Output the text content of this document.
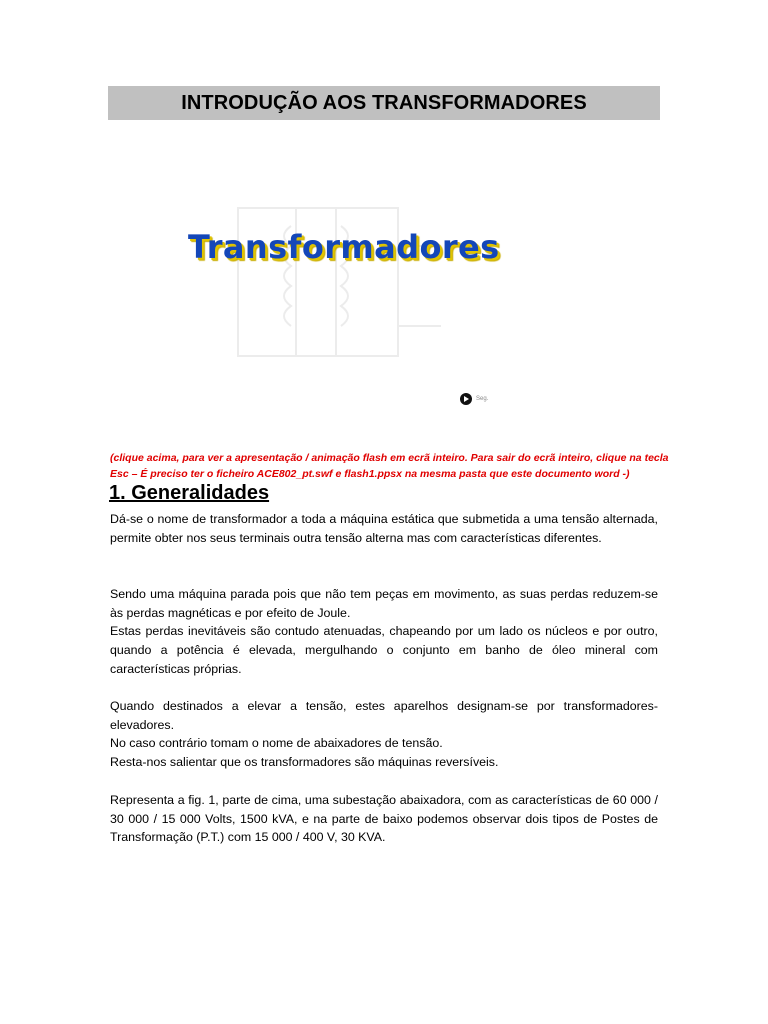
INTRODUÇÃO AOS TRANSFORMADORES
Transformadores
Seg.

(clique acima, para ver a apresentação / animação flash em ecrã inteiro. Para sair do ecrã inteiro, clique na tecla

Esc – É preciso ter o ficheiro ACE802_pt.swf e flash1.ppsx na mesma pasta que este documento word -)

1. Generalidades

Dá-se o nome de transformador a toda a máquina estática que submetida a uma tensão alternada, permite obter nos seus terminais outra tensão alterna mas com características diferentes.

Sendo uma máquina parada pois que não tem peças em movimento, as suas perdas reduzem-se às perdas magnéticas e por efeito de Joule.

Estas perdas inevitáveis são contudo atenuadas, chapeando por um lado os núcleos e por outro, quando a potência é elevada, mergulhando o conjunto em banho de óleo mineral com características próprias.

Quando destinados a elevar a tensão, estes aparelhos designam-se por transformadores-elevadores.

No caso contrário tomam o nome de abaixadores de tensão.

Resta-nos salientar que os transformadores são máquinas reversíveis.

Representa a fig. 1, parte de cima, uma subestação abaixadora, com as características de 60 000 / 30 000 / 15 000 Volts, 1500 kVA, e na parte de baixo podemos observar dois tipos de Postes de Transformação (P.T.) com 15 000 / 400 V, 30 KVA.
